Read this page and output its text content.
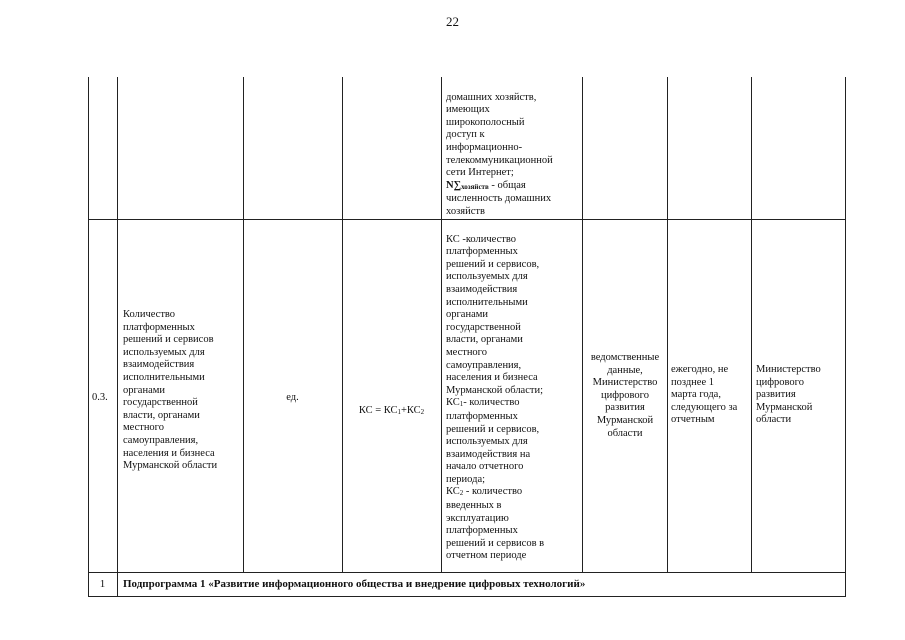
22

домашних хозяйств,
имеющих
широкополосный
доступ к
информационно-
телекоммуникационной
сети Интернет;
N∑хозяйств - общая
численность домашних
хозяйств

0.3.
Количество
платформенных
решений и сервисов
используемых для
взаимодействия
исполнительными
органами
государственной
власти, органами
местного
самоуправления,
населения и бизнеса
Мурманской области
ед.

КС = КС1+КС2

КС -количество
платформенных
решений и сервисов,
используемых для
взаимодействия
исполнительными
органами
государственной
власти, органами
местного
самоуправления,
населения и бизнеса
Мурманской области;
КС1- количество
платформенных
решений и сервисов,
используемых для
взаимодействия на
начало отчетного
периода;
КС2 - количество
введенных в
эксплуатацию
платформенных
решений и сервисов в
отчетном периоде

ведомственные
данные,
Министерство
цифрового
развития
Мурманской
области
ежегодно, не
позднее 1
марта года,
следующего за
отчетным
Министерство
цифрового
развития
Мурманской
области
1	Подпрограмма 1 «Развитие информационного общества и внедрение цифровых технологий»
